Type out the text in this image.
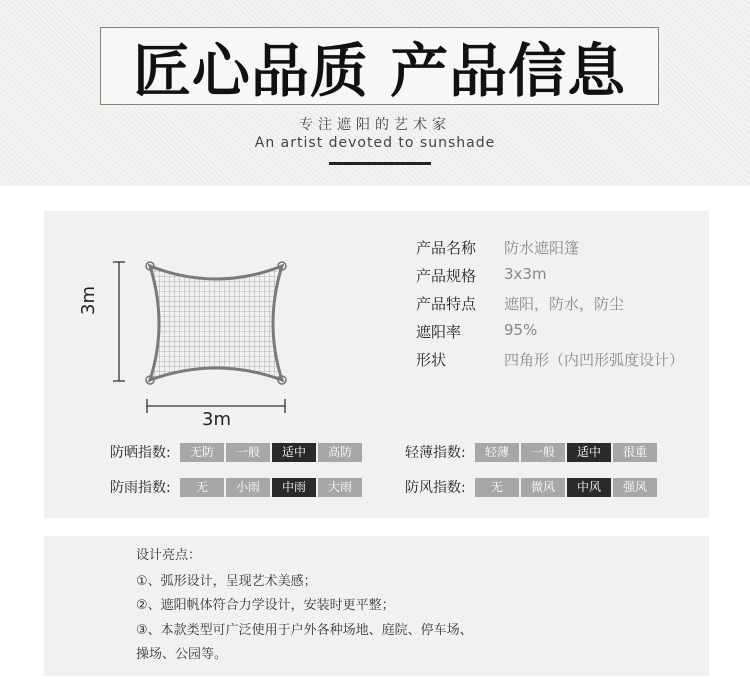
匠心品质 产品信息
专注遮阳的艺术家
An artist devoted to sunshade
3m
3m
产品名称 防水遮阳篷
产品规格 3x3m
产品特点 遮阳，防水，防尘
遮阳率	95%
形状	四角形（内凹形弧度设计）
防晒指数:	无防	一般	适中	高防	轻薄指数:	轻薄	一般	适中	很重
防雨指数:	无	小雨	中雨	大雨	防风指数:	无	微风	中风	强风
设计亮点：
①、弧形设计，呈现艺术美感；
②、遮阳帆体符合力学设计，安装时更平整；
③、本款类型可广泛使用于户外各种场地、庭院、停车场、
操场、公园等。
